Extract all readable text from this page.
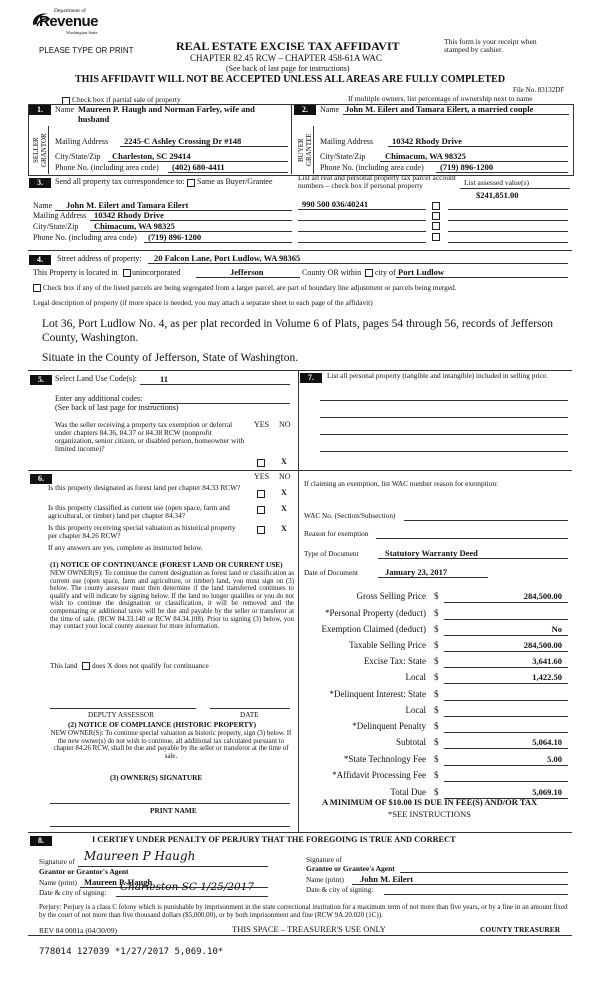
Department of
Revenue
Washington State
PLEASE TYPE OR PRINT	REAL ESTATE EXCISE TAX AFFIDAVIT
CHAPTER 82.45 RCW – CHAPTER 458-61A WAC
This form is your receipt when stamped by cashier.
(See back of last page for instructions)
THIS AFFIDAVIT WILL NOT BE ACCEPTED UNLESS ALL AREAS ARE FULLY COMPLETED
File No. 83132DF
Check box if partial sale of property	If multiple owners, list percentage of ownership next to name
1.	Name Maureen P. Haugh and Norman Farley, wife and husband
SELLER GRANTOR Mailing Address 2245-C Ashley Crossing Dr #148
City/State/Zip Charleston, SC 29414
Phone No. (including area code) (402) 680-4411
2.	Name John M. Eilert and Tamara Eilert, a married couple
BUYER GRANTEE Mailing Address 10342 Rhody Drive
City/State/Zip Chimacum, WA 98325
Phone No. (including area code) (719) 896-1200
3.	Send all property tax correspondence to: Same as Buyer/Grantee	List all real and personal property tax parcel account numbers – check box if personal property	List assessed value(s)
$241,851.00
Name John M. Eilert and Tamara Eilert
Mailing Address 10342 Rhody Drive
City/State/Zip Chimacum, WA 98325
Phone No. (including area code) (719) 896-1200
990 500 036/40241
4.	Street address of property: 20 Falcon Lane, Port Ludlow, WA 98365
This Property is located in unincorporated	Jefferson	County OR within city of Port Ludlow
Check box if any of the listed parcels are being segregated from a larger parcel, are part of boundary line adjustment or parcels being merged.
Legal description of property (if more space is needed, you may attach a separate sheet to each page of the affidavit)
Lot 36, Port Ludlow No. 4, as per plat recorded in Volume 6 of Plats, pages 54 through 56, records of Jefferson
County, Washington.
Situate in the County of Jefferson, State of Washington.
5.	Select Land Use Code(s):	11
Enter any additional codes:
(See back of last page for instructions)
YES NO
Was the seller receiving a property tax exemption or deferral under chapters 84.36, 84.37 or 84.38 RCW (nonprofit organization, senior citizen, or disabled person, homeowner with limited income)?
X
6.	YES NO
Is this property designated as forest land per chapter 84.33 RCW?
X
Is this property classified as current use (open space, farm and agricultural, or timber) land per chapter 84.34?
X
Is this property receiving special valuation as historical property per chapter 84.26 RCW?
X
If any answers are yes, complete as instructed below.
(1) NOTICE OF CONTINUANCE (FOREST LAND OR CURRENT USE)
NEW OWNER(S): To continue the current designation as forest land or classification as current use (open space, farm and agriculture, or timber) land, you must sign on (3) below. The county assessor must then determine if the land transferred continues to qualify and will indicate by signing below. If the land no longer qualifies or you do not wish to continue the designation or classification, it will be removed and the compensating or additional taxes will be due and payable by the seller or transferor at the time of sale. (RCW 84.33.140 or RCW 84.34.108). Prior to signing (3) below, you may contact your local county assessor for more information.
This land does X does not qualify for continuance
DEPUTY ASSESSOR	DATE
(2) NOTICE OF COMPLIANCE (HISTORIC PROPERTY)
NEW OWNER(S): To continue special valuation as historic property, sign (3) below. If the new owner(s) do not wish to continue, all additional tax calculated pursuant to chapter 84.26 RCW, shall be due and payable by the seller or transferor at the time of sale.
(3) OWNER(S) SIGNATURE
PRINT NAME
7.	List all personal property (tangible and intangible) included in selling price.
If claiming an exemption, list WAC number reason for exemption:
WAC No. (Section/Subsection)
Reason for exemption
Type of Document	Statutory Warranty Deed
Date of Document	January 23, 2017
Gross Selling Price $	284,500.00
*Personal Property (deduct) $
Exemption Claimed (deduct) $	No
Taxable Selling Price $	284,500.00
Excise Tax: State $	3,641.60
Local $	1,422.50
*Delinquent Interest: State $
Local $
*Delinquent Penalty $
Subtotal $	5,064.10
*State Technology Fee $	5.00
*Affidavit Processing Fee $
Total Due $	5,069.10
A MINIMUM OF $10.00 IS DUE IN FEE(S) AND/OR TAX
*SEE INSTRUCTIONS
8.	I CERTIFY UNDER PENALTY OF PERJURY THAT THE FOREGOING IS TRUE AND CORRECT
Signature of Maureen P Haugh
Grantor or Grantor's Agent
Name (print) Maureen P. Haugh
Date & city of signing: Charleston SC 1/25/2017
Signature of
Grantee or Grantee's Agent
Name (print) John M. Eilert
Date & city of signing:
Perjury: Perjury is a class C felony which is punishable by imprisonment in the state correctional institution for a maximum term of not more than five years, or by a fine in an amount fixed by the court of not more than five thousand dollars ($5,000.00), or by both imprisonment and fine (RCW 9A.20.020 (1C)).
REV 84 0001a (04/30/09)	THIS SPACE – TREASURER'S USE ONLY	COUNTY TREASURER
778014 127039 *1/27/2017 5,069.10*
